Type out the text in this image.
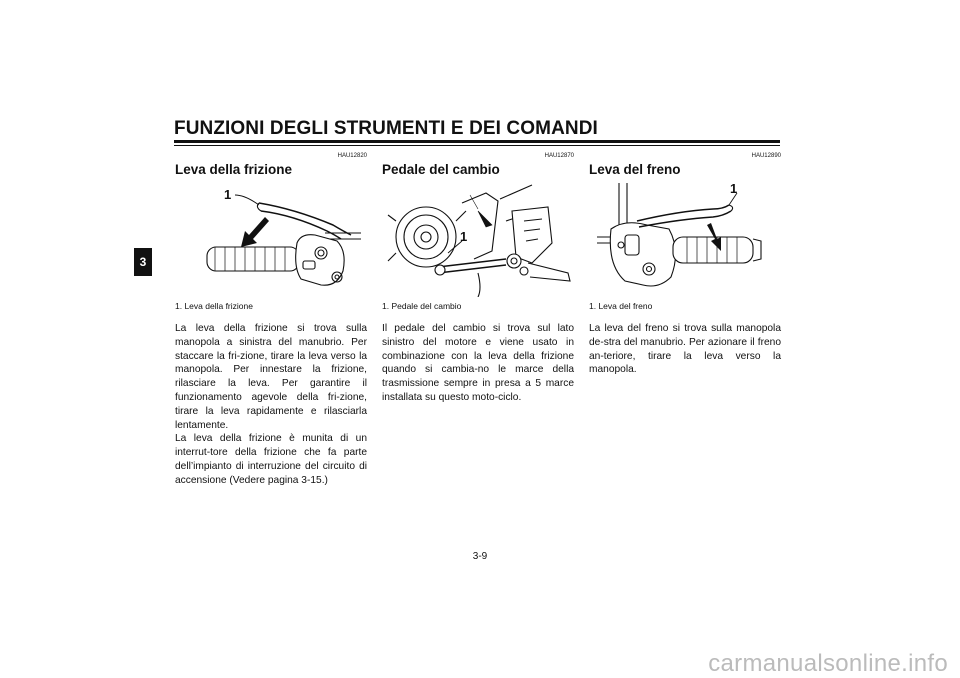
FUNZIONI DEGLI STRUMENTI E DEI COMANDI
3
HAU12820
Leva della frizione
1
1. Leva della frizione

La leva della frizione si trova sulla manopola a sinistra del manubrio. Per staccare la fri-zione, tirare la leva verso la manopola. Per innestare la frizione, rilasciare la leva. Per garantire il funzionamento agevole della fri-zione, tirare la leva rapidamente e rilasciarla lentamente.

La leva della frizione è munita di un interrut-tore della frizione che fa parte dell’impianto di interruzione del circuito di accensione (Vedere pagina 3-15.)

HAU12870
Pedale del cambio
1
1. Pedale del cambio

Il pedale del cambio si trova sul lato sinistro del motore e viene usato in combinazione con la leva della frizione quando si cambia-no le marce della trasmissione sempre in presa a 5 marce installata su questo moto-ciclo.

HAU12890
Leva del freno
1
1. Leva del freno

La leva del freno si trova sulla manopola de-stra del manubrio. Per azionare il freno an-teriore, tirare la leva verso la manopola.

3-9
carmanualsonline.info
